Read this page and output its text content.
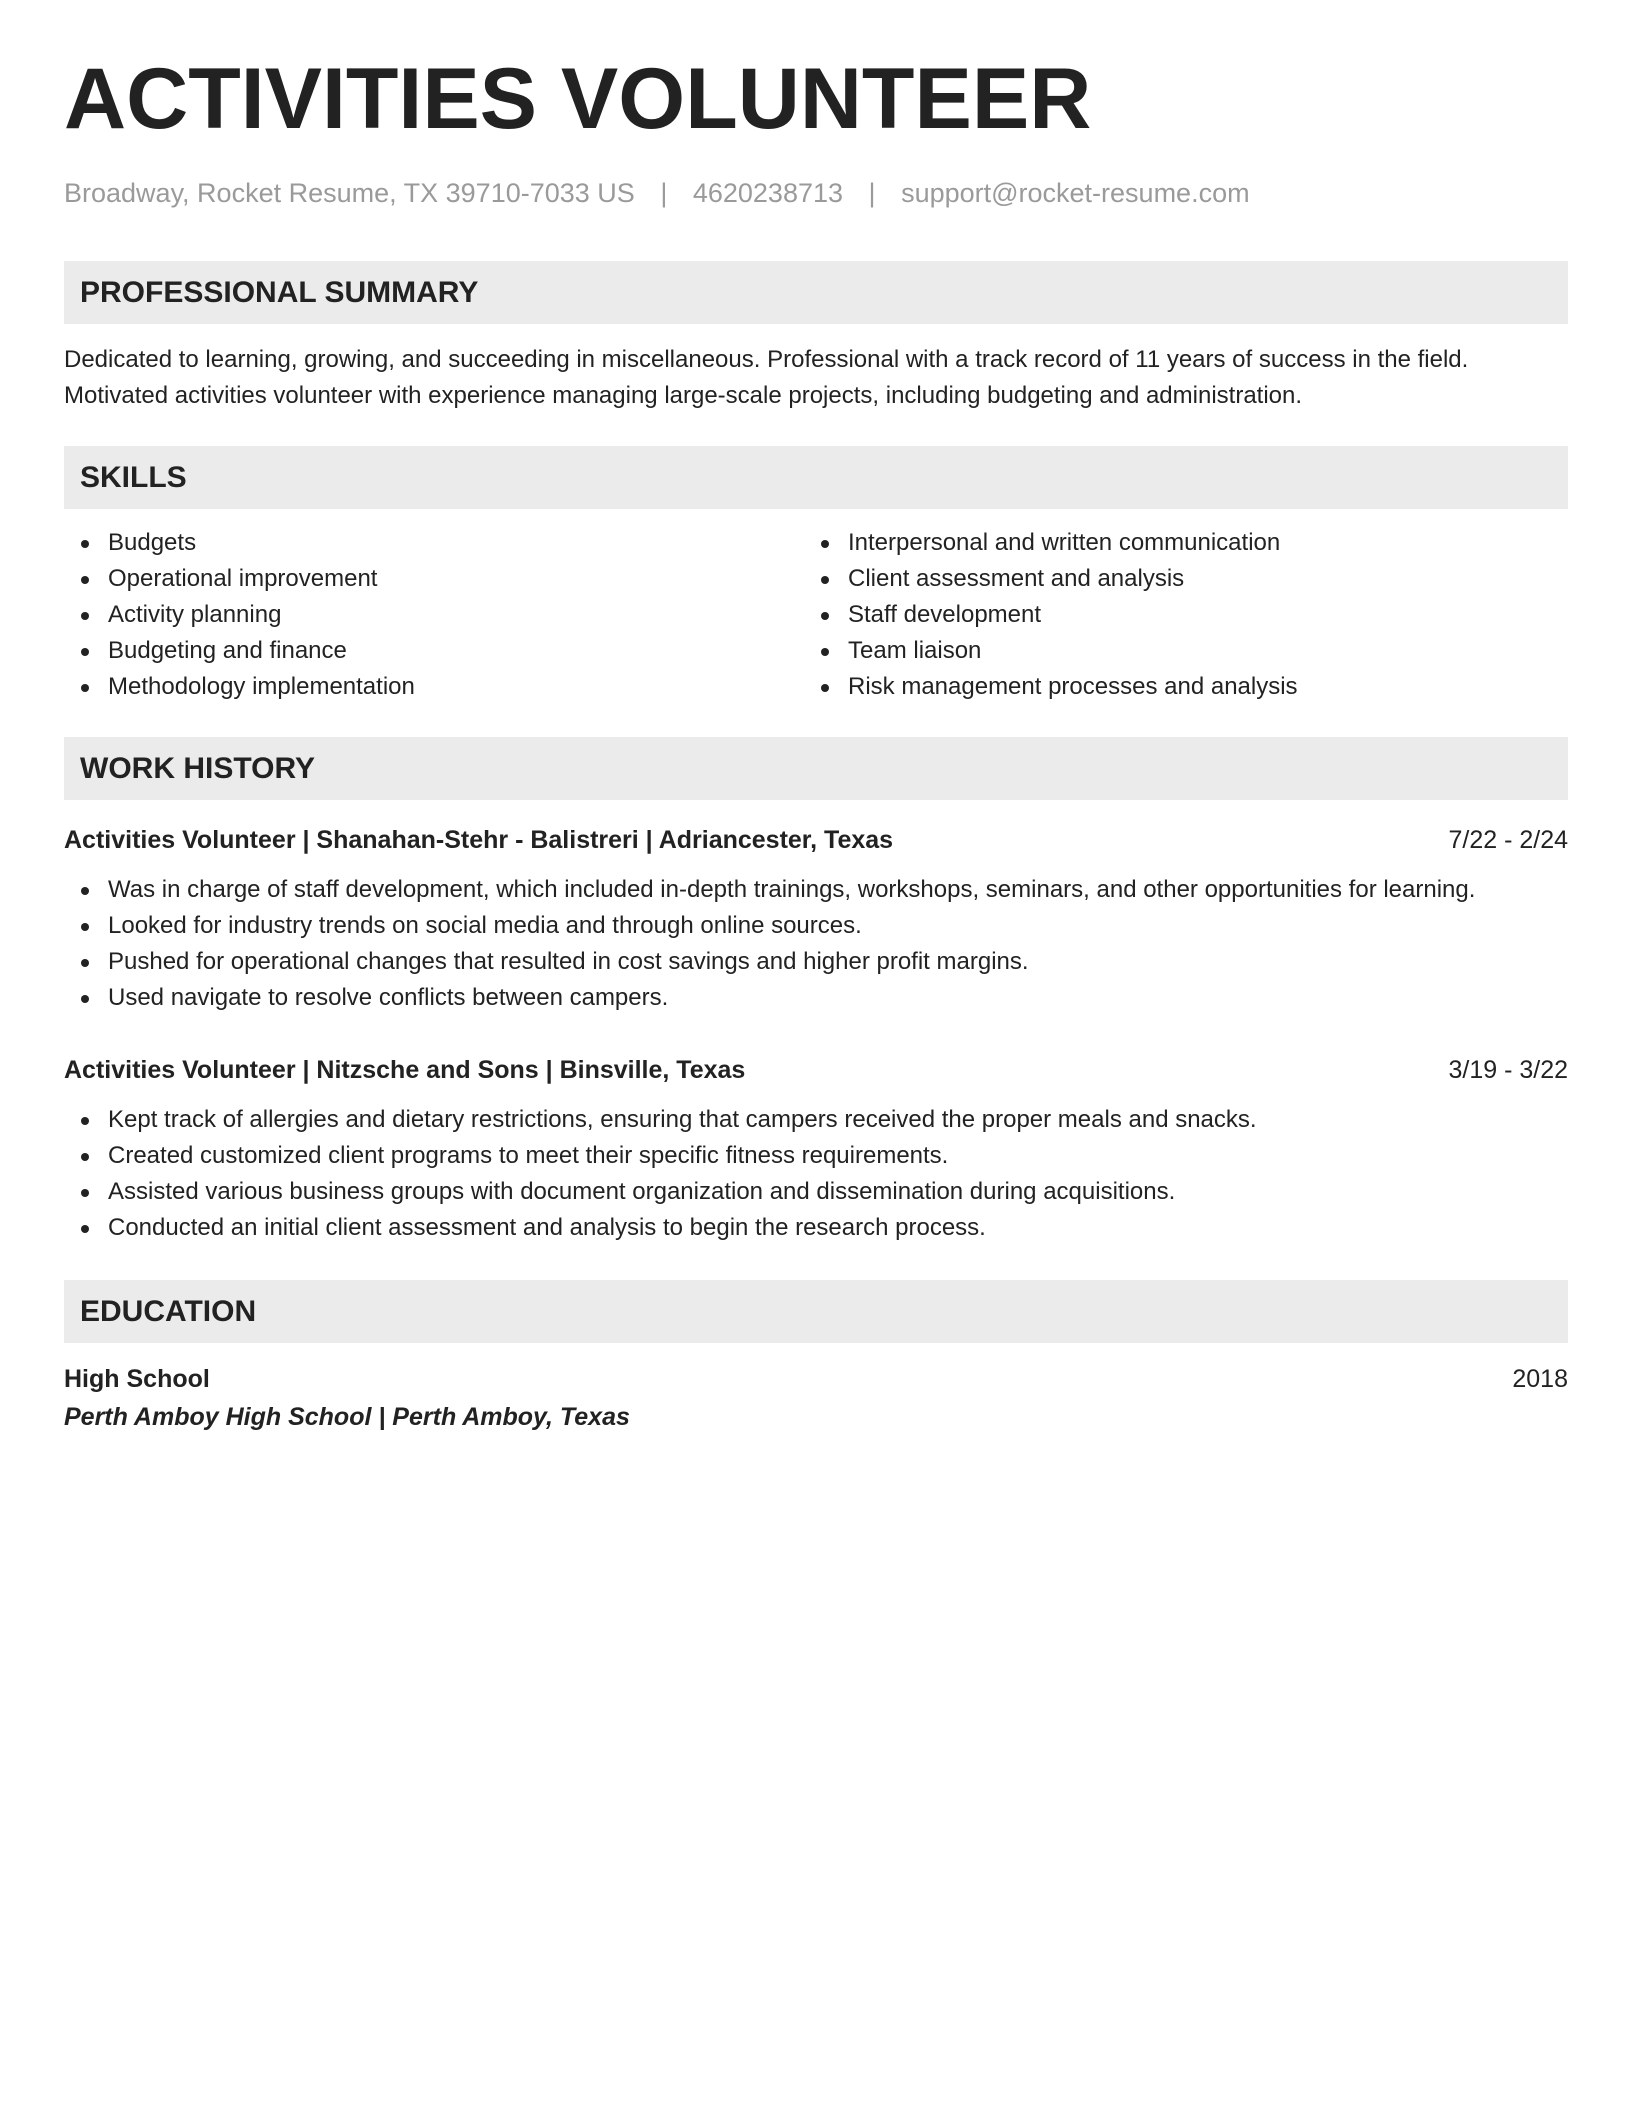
ACTIVITIES VOLUNTEER
Broadway, Rocket Resume, TX 39710-7033 US | 4620238713 | support@rocket-resume.com
PROFESSIONAL SUMMARY
Dedicated to learning, growing, and succeeding in miscellaneous. Professional with a track record of 11 years of success in the field.
Motivated activities volunteer with experience managing large-scale projects, including budgeting and administration.
SKILLS
Budgets
Operational improvement
Activity planning
Budgeting and finance
Methodology implementation
Interpersonal and written communication
Client assessment and analysis
Staff development
Team liaison
Risk management processes and analysis
WORK HISTORY
Activities Volunteer | Shanahan-Stehr - Balistreri | Adriancester, Texas	7/22 - 2/24
Was in charge of staff development, which included in-depth trainings, workshops, seminars, and other opportunities for learning.
Looked for industry trends on social media and through online sources.
Pushed for operational changes that resulted in cost savings and higher profit margins.
Used navigate to resolve conflicts between campers.
Activities Volunteer | Nitzsche and Sons | Binsville, Texas	3/19 - 3/22
Kept track of allergies and dietary restrictions, ensuring that campers received the proper meals and snacks.
Created customized client programs to meet their specific fitness requirements.
Assisted various business groups with document organization and dissemination during acquisitions.
Conducted an initial client assessment and analysis to begin the research process.
EDUCATION
High School	2018
Perth Amboy High School | Perth Amboy, Texas
